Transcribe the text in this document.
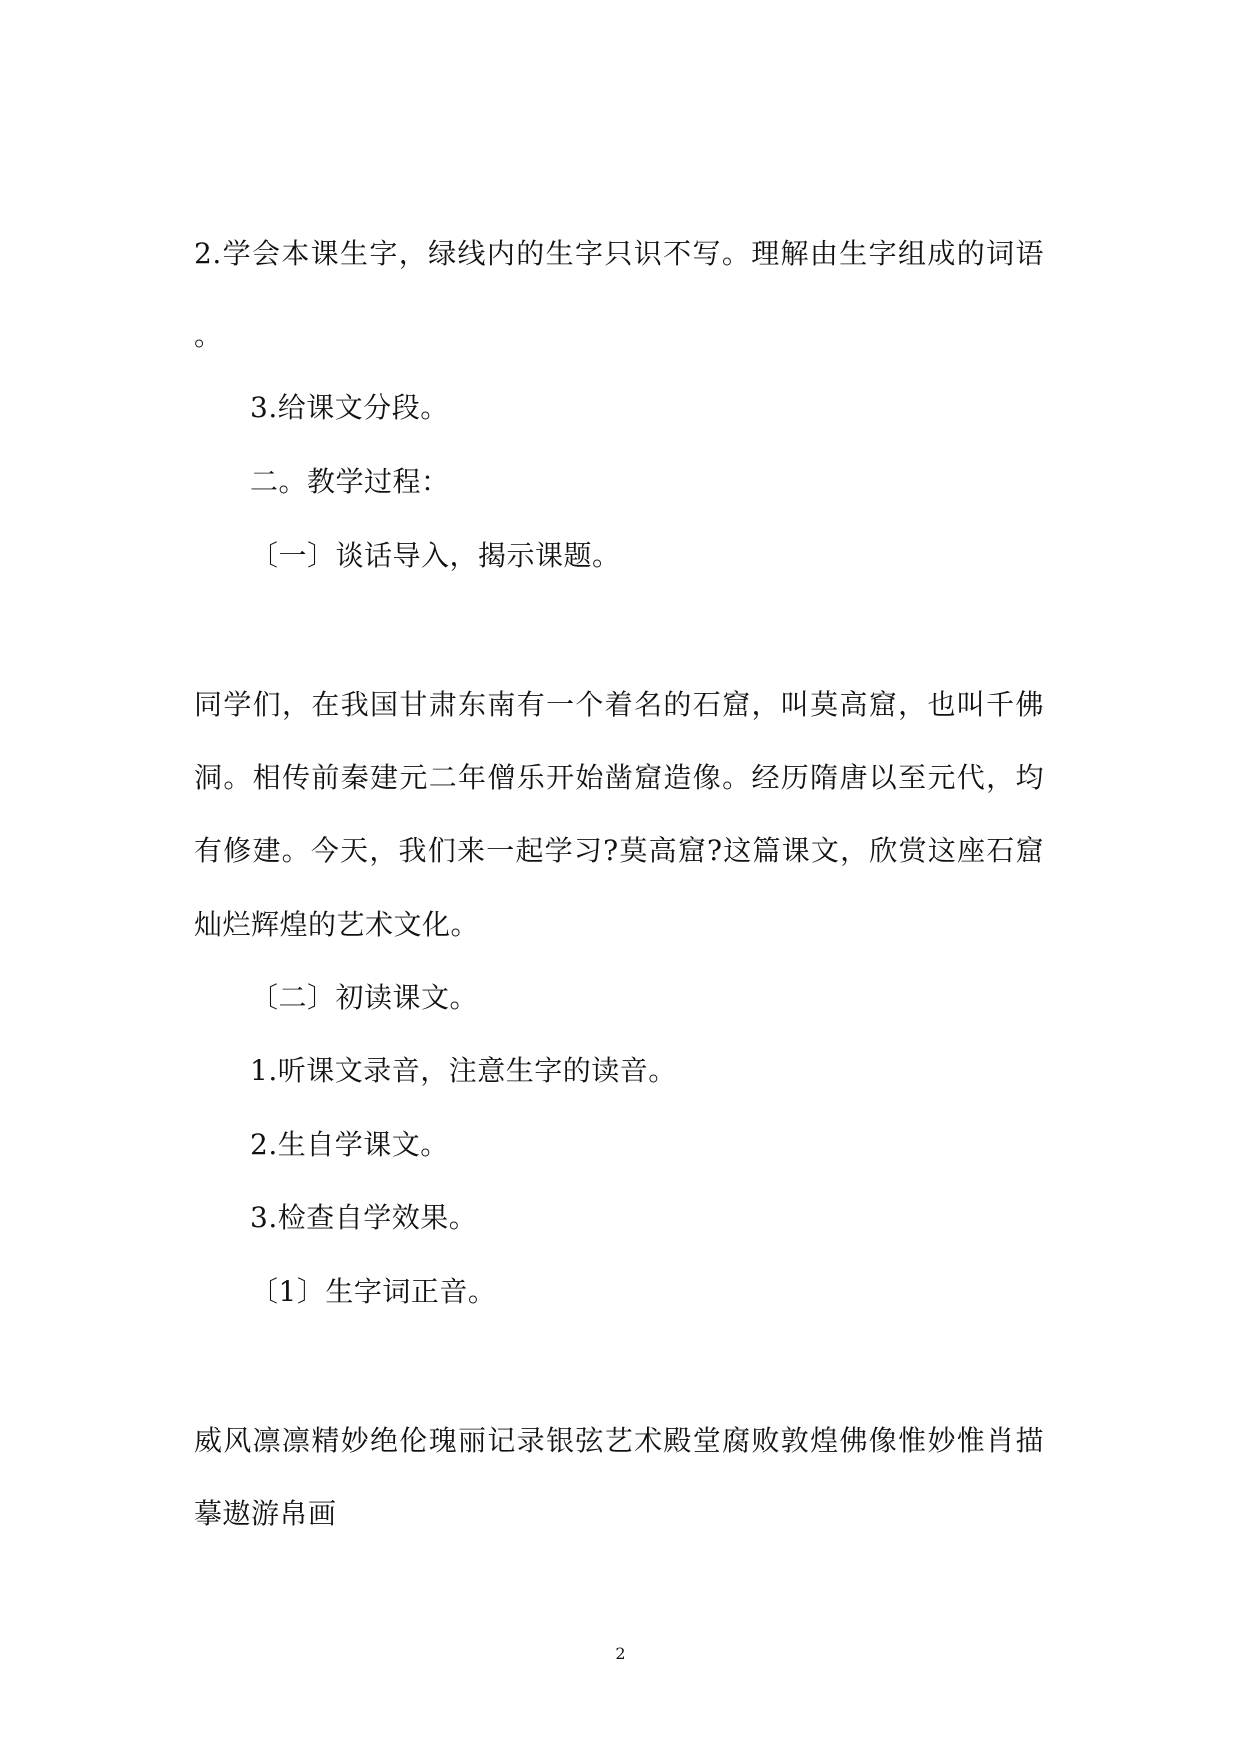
2.学会本课生字，绿线内的生字只识不写。理解由生字组成的词语
。
3.给课文分段。
二。教学过程：
〔一〕谈话导入，揭示课题。
同学们，在我国甘肃东南有一个着名的石窟，叫莫高窟，也叫千佛
洞。相传前秦建元二年僧乐开始凿窟造像。经历隋唐以至元代，均
有修建。今天，我们来一起学习?莫高窟?这篇课文，欣赏这座石窟
灿烂辉煌的艺术文化。
〔二〕初读课文。
1.听课文录音，注意生字的读音。
2.生自学课文。
3.检查自学效果。
〔1〕生字词正音。
威风凛凛精妙绝伦瑰丽记录银弦艺术殿堂腐败敦煌佛像惟妙惟肖描
摹遨游帛画
2
